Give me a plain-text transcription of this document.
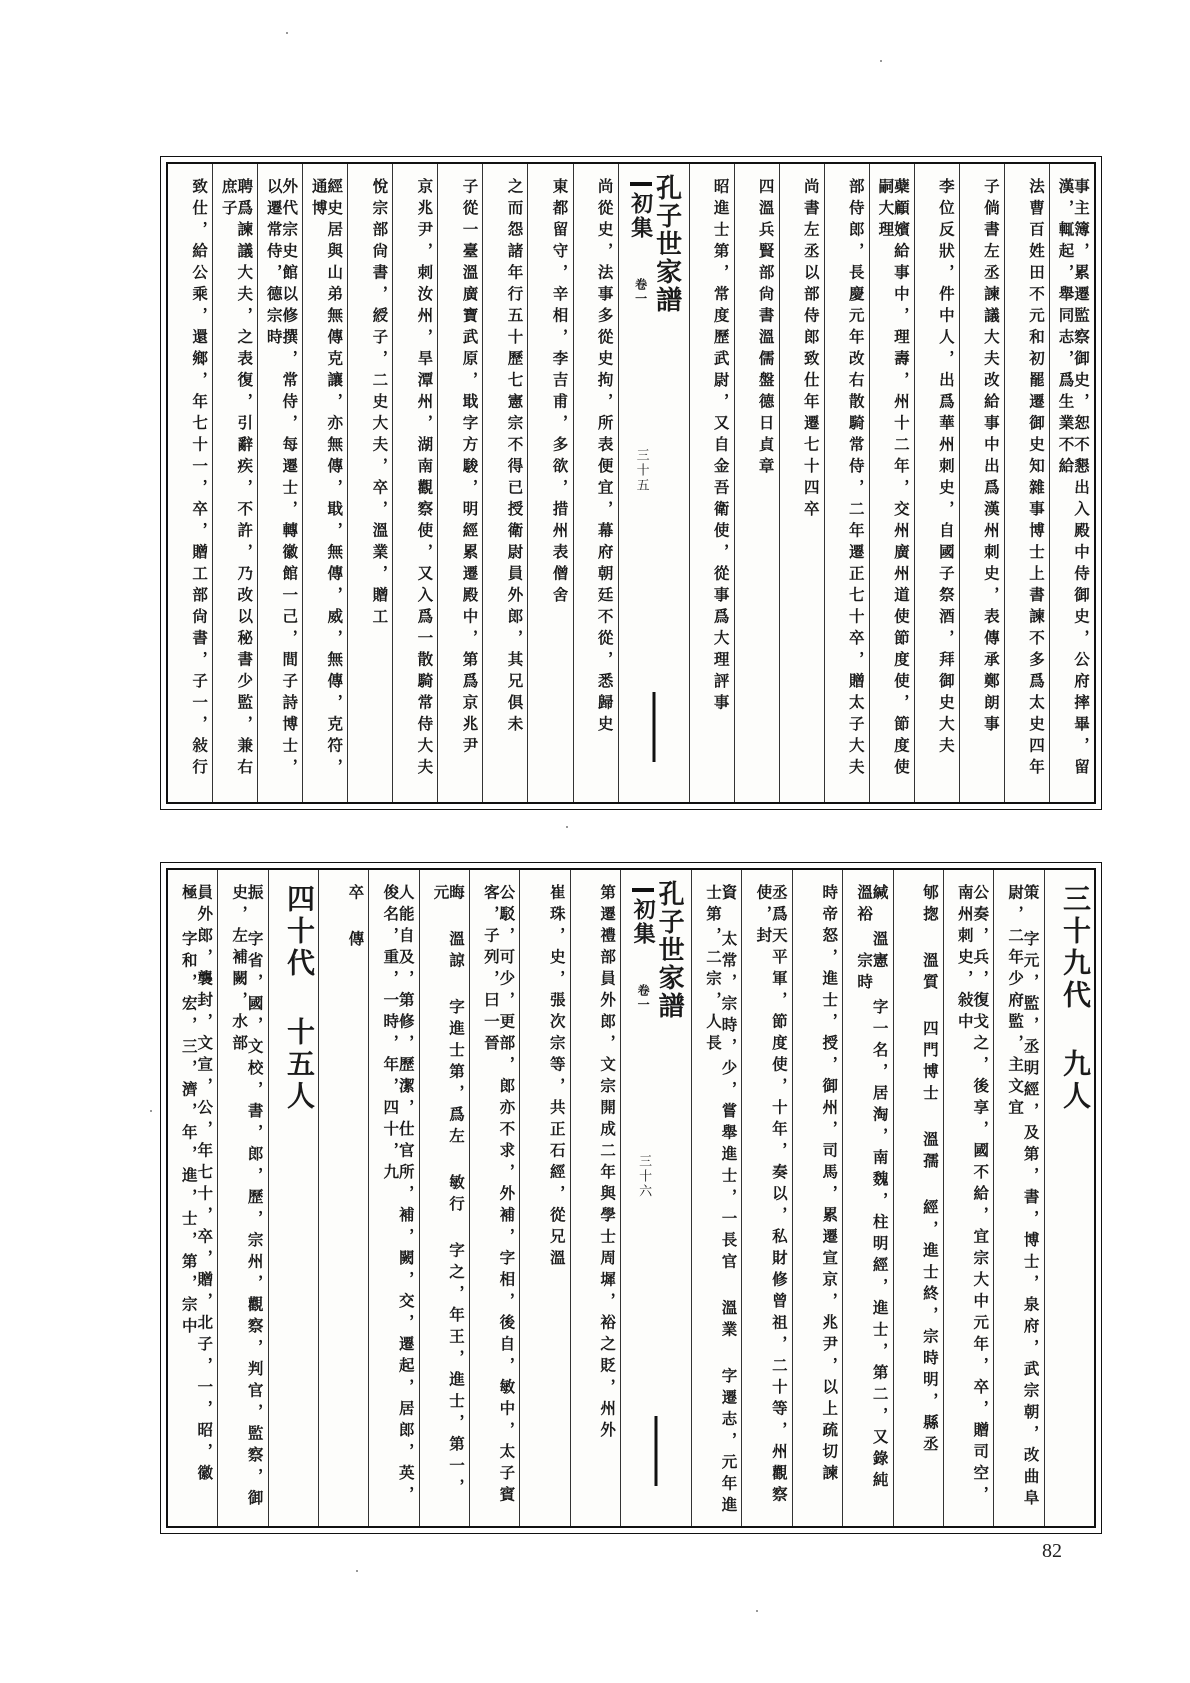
事主簿，累遷監察御史，恕不懇出入殿中侍御史，公府摔畢，留漢，輒起，舉同志，爲生業不給
法曹百姓田不元和初罷遷御史知雜事博士上書諫不多爲太史四年
子倘書左丞諫議大夫改給事中出爲漢州刺史，表傳承鄭朗事
李位反狀，件中人，出爲華州刺史，自國子祭酒，拜御史大夫
蘗顧嬪給事中，理壽，州十二年，交州廣州道使節度使，節度使嗣大理
部侍郎，長慶元年改右散騎常侍，二年遷正七十卒，贈太子大夫
尚書左丞以部侍郎致仕年遷七十四卒
四溫兵賢部尙書溫儒盤德日貞章
昭進士第，常度歷武尉，又自金吾衛使，從事爲大理評事
孔子世家譜
初集 卷一 三十五
尚從史，法事多從史拘，所表便宜，幕府朝廷不從，悉歸史
東都留守，辛相，李吉甫，多欲，措州表僧舍
之而怨諸年行五十歷七憲宗不得已授衛尉員外郎，其兄俱未
子從一臺溫廣寶武原，戢字方駿，明經累遷殿中，第爲京兆尹
京兆尹，刺汝州，旱潭州，湖南觀察使，又入爲一散騎常侍大夫
悅宗部尙書，綬子，二史大夫，卒，溫業，贈工
經史居與山弟無傳克讓，亦無傳，戢，無傳，威，無傳，克符，通博
外代宗史館以修撰，常侍，每遷士，轉徽館一己，間子詩博士，以遷常侍，德宗時
聘爲諫議大夫，之表復，引辭疾，不許，乃改以秘書少監，兼右庶子
致仕，給公乘，還鄉，年七十一，卒，贈工部尙書，子一，敍行
三十九代 九人
策 字元，監，丞明經，及第，書，博士，泉府，武宗朝，改曲阜尉，二年少府監，主文宜
公奏，兵，復戈之，後享，國不給，宜宗大中元年，卒，贈司空，南州刺史，敍中
郇揔 溫質 四門博士 溫孺 經，進士終，宗時明，縣丞
緘 溫憲 字一名，居淘，南魏，柱明經，進士，第二，又錄純 溫裕 宗時
時帝怒，進士，授，御州，司馬，累遷宣京，兆尹，以上疏切諫
丞爲天平軍，節度使，十年，奏以，私財修曾祖，二十等，州觀察使，封
資 太常，宗時，少，嘗舉進士，一長官 溫業 字遷志，元年進士第，二宗，人長
孔子世家譜
初集 卷一 三十六
第遷禮部員外郎，文宗開成二年與學士周墀，裕之貶，州外
崔珠，史，張次宗等，共正石經，從兄溫
公駁，可少，更部，郎亦不求，外補，字相，後自，敏中，太子賓客，子列，曰一晉
晦 溫諒 字進士第，爲左 敏行 字之，年王，進士，第一，元
人能自及，第修，歷潔，仕官所，補，闕，交，遷起，居郎，英，俊名，重，一時，年，四十，九
卒 傳
四十代 十五人
振 字省，國，文校，書，郎，歷，宗州，觀察，判官，監察，御史，左補闕，水部
員外郎，襲封，文宣，公，年七十，卒，贈，北子，一，昭，徽 極 字和，宏，三，濟，年，進，士，第，宗中
82
